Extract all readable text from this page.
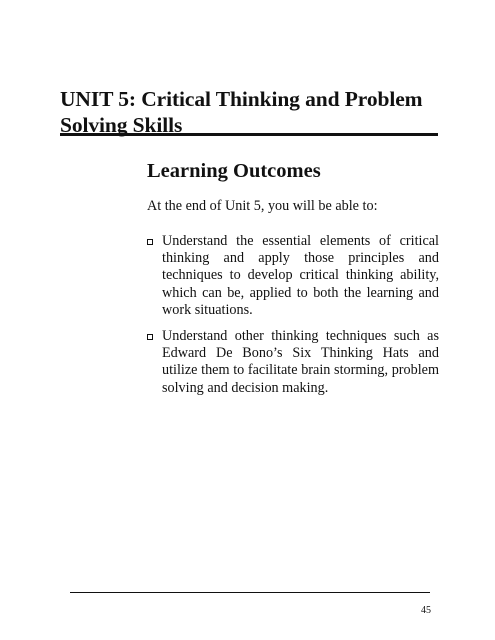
UNIT 5: Critical Thinking and Problem Solving Skills
Learning Outcomes

At the end of Unit 5, you will be able to:

Understand the essential elements of critical thinking and apply those principles and techniques to develop critical thinking ability, which can be, applied to both the learning and work situations.
Understand other thinking techniques such as Edward De Bono’s Six Thinking Hats and utilize them to facilitate brain storming, problem solving and decision making.

45
